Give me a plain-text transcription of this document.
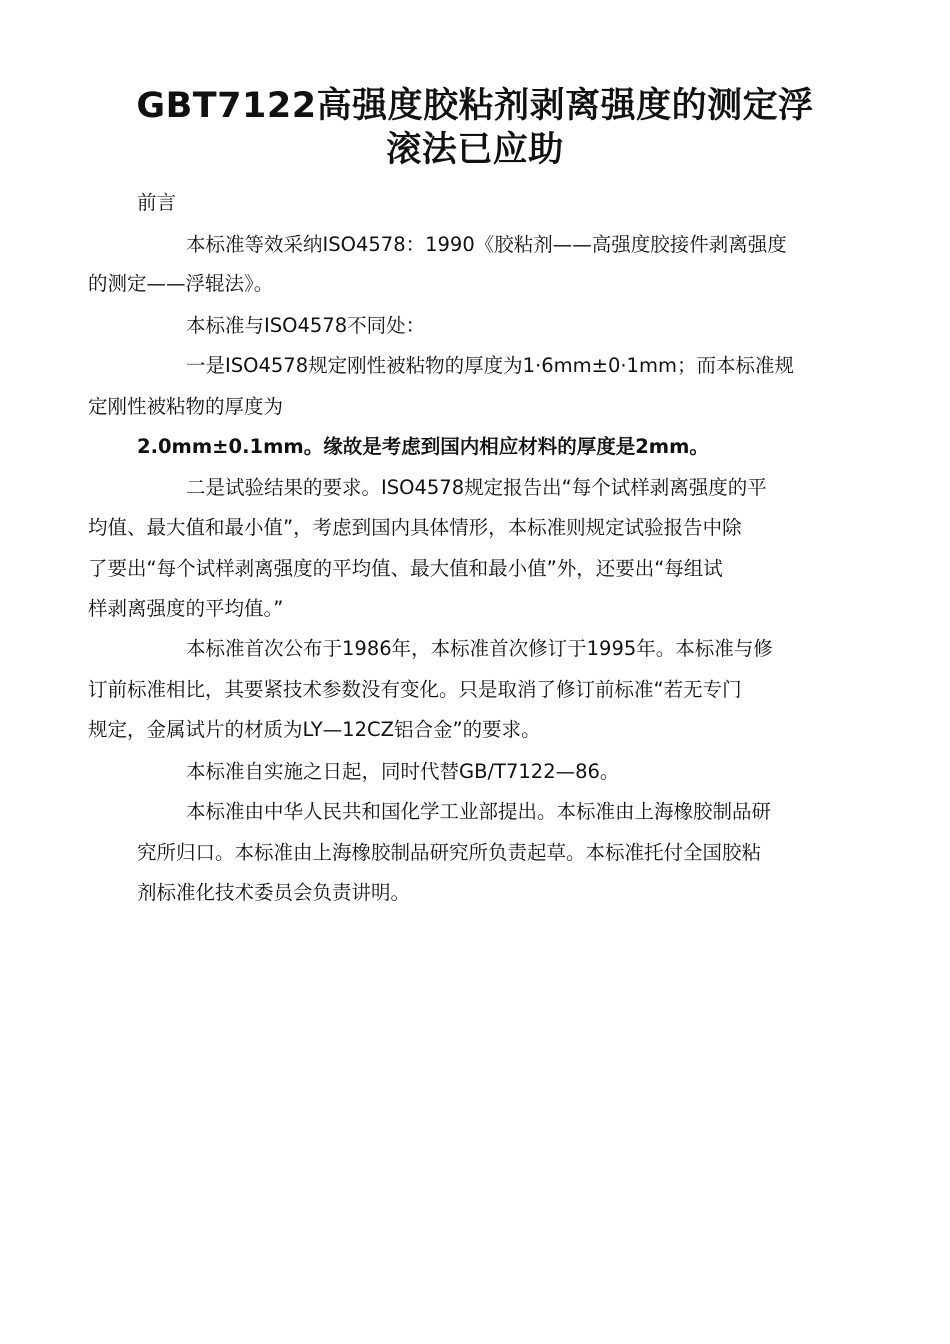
GBT7122高强度胶粘剂剥离强度的测定浮
滚法已应助

前言

本标准等效采纳ISO4578：1990《胶粘剂——高强度胶接件剥离强度

的测定——浮辊法》。

本标准与ISO4578不同处：

一是ISO4578规定刚性被粘物的厚度为1·6mm±0·1mm；而本标准规

定刚性被粘物的厚度为

2.0mm±0.1mm。缘故是考虑到国内相应材料的厚度是2mm。

二是试验结果的要求。ISO4578规定报告出“每个试样剥离强度的平

均值、最大值和最小值”，考虑到国内具体情形，本标准则规定试验报告中除

了要出“每个试样剥离强度的平均值、最大值和最小值”外，还要出“每组试

样剥离强度的平均值。”

本标准首次公布于1986年，本标准首次修订于1995年。本标准与修

订前标准相比，其要紧技术参数没有变化。只是取消了修订前标准“若无专门

规定，金属试片的材质为LY—12CZ铝合金”的要求。

本标准自实施之日起，同时代替GB/T7122—86。

本标准由中华人民共和国化学工业部提出。本标准由上海橡胶制品研

究所归口。本标准由上海橡胶制品研究所负责起草。本标准托付全国胶粘

剂标准化技术委员会负责讲明。
